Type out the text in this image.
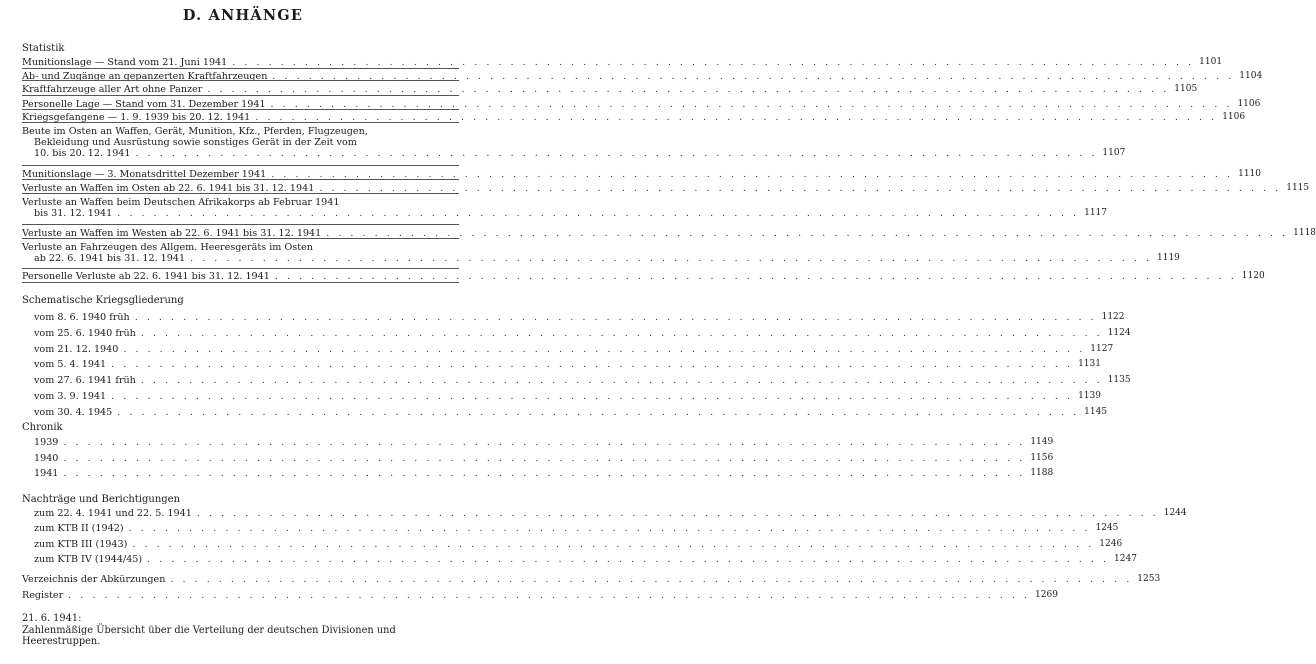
D. ANHÄNGE
Statistik
Munitionslage — Stand vom 21. Juni 1941 . . . . . . . . . . . . . . . . . . . . . . . . . . . . . . . . . . . . . . . . . . . . . . . . . . . . . . . . . . . . . . . . . . . . . . . . . . . . . . . . 1101
Ab- und Zugänge an gepanzerten Kraftfahrzeugen . . . . . . . . . . . . . . . . . . . . . . . . . . . . . . . . . . . . . . . . . . . . . . . . . . . . . . . . . . . . . . . . . . . . . . . . . . . . . . . . 1104
Kraftfahrzeuge aller Art ohne Panzer . . . . . . . . . . . . . . . . . . . . . . . . . . . . . . . . . . . . . . . . . . . . . . . . . . . . . . . . . . . . . . . . . . . . . . . . . . . . . . . . 1105
Personelle Lage — Stand vom 31. Dezember 1941 . . . . . . . . . . . . . . . . . . . . . . . . . . . . . . . . . . . . . . . . . . . . . . . . . . . . . . . . . . . . . . . . . . . . . . . . . . . . . . . . 1106
Kriegsgefangene — 1. 9. 1939 bis 20. 12. 1941 . . . . . . . . . . . . . . . . . . . . . . . . . . . . . . . . . . . . . . . . . . . . . . . . . . . . . . . . . . . . . . . . . . . . . . . . . . . . . . . . 1106
Beute im Osten an Waffen, Gerät, Munition, Kfz., Pferden, Flugzeugen,
Bekleidung und Ausrüstung sowie sonstiges Gerät in der Zeit vom
10. bis 20. 12. 1941 . . . . . . . . . . . . . . . . . . . . . . . . . . . . . . . . . . . . . . . . . . . . . . . . . . . . . . . . . . . . . . . . . . . . . . . . . . . . . . . . 1107
Munitionslage — 3. Monatsdrittel Dezember 1941 . . . . . . . . . . . . . . . . . . . . . . . . . . . . . . . . . . . . . . . . . . . . . . . . . . . . . . . . . . . . . . . . . . . . . . . . . . . . . . . . 1110
Verluste an Waffen im Osten ab 22. 6. 1941 bis 31. 12. 1941 . . . . . . . . . . . . . . . . . . . . . . . . . . . . . . . . . . . . . . . . . . . . . . . . . . . . . . . . . . . . . . . . . . . . . . . . . . . . . . . . 1115
Verluste an Waffen beim Deutschen Afrikakorps ab Februar 1941
bis 31. 12. 1941 . . . . . . . . . . . . . . . . . . . . . . . . . . . . . . . . . . . . . . . . . . . . . . . . . . . . . . . . . . . . . . . . . . . . . . . . . . . . . . . . 1117
Verluste an Waffen im Westen ab 22. 6. 1941 bis 31. 12. 1941 . . . . . . . . . . . . . . . . . . . . . . . . . . . . . . . . . . . . . . . . . . . . . . . . . . . . . . . . . . . . . . . . . . . . . . . . . . . . . . . . 1118
Verluste an Fahrzeugen des Allgem. Heeresgeräts im Osten
ab 22. 6. 1941 bis 31. 12. 1941 . . . . . . . . . . . . . . . . . . . . . . . . . . . . . . . . . . . . . . . . . . . . . . . . . . . . . . . . . . . . . . . . . . . . . . . . . . . . . . . . 1119
Personelle Verluste ab 22. 6. 1941 bis 31. 12. 1941 . . . . . . . . . . . . . . . . . . . . . . . . . . . . . . . . . . . . . . . . . . . . . . . . . . . . . . . . . . . . . . . . . . . . . . . . . . . . . . . . 1120
Schematische Kriegsgliederung
vom 8. 6. 1940 früh . . . . . . . . . . . . . . . . . . . . . . . . . . . . . . . . . . . . . . . . . . . . . . . . . . . . . . . . . . . . . . . . . . . . . . . . . . . . . . . . 1122
vom 25. 6. 1940 früh . . . . . . . . . . . . . . . . . . . . . . . . . . . . . . . . . . . . . . . . . . . . . . . . . . . . . . . . . . . . . . . . . . . . . . . . . . . . . . . . 1124
vom 21. 12. 1940 . . . . . . . . . . . . . . . . . . . . . . . . . . . . . . . . . . . . . . . . . . . . . . . . . . . . . . . . . . . . . . . . . . . . . . . . . . . . . . . . 1127
vom 5. 4. 1941 . . . . . . . . . . . . . . . . . . . . . . . . . . . . . . . . . . . . . . . . . . . . . . . . . . . . . . . . . . . . . . . . . . . . . . . . . . . . . . . . 1131
vom 27. 6. 1941 früh . . . . . . . . . . . . . . . . . . . . . . . . . . . . . . . . . . . . . . . . . . . . . . . . . . . . . . . . . . . . . . . . . . . . . . . . . . . . . . . . 1135
vom 3. 9. 1941 . . . . . . . . . . . . . . . . . . . . . . . . . . . . . . . . . . . . . . . . . . . . . . . . . . . . . . . . . . . . . . . . . . . . . . . . . . . . . . . . 1139
vom 30. 4. 1945 . . . . . . . . . . . . . . . . . . . . . . . . . . . . . . . . . . . . . . . . . . . . . . . . . . . . . . . . . . . . . . . . . . . . . . . . . . . . . . . . 1145
Chronik
1939 . . . . . . . . . . . . . . . . . . . . . . . . . . . . . . . . . . . . . . . . . . . . . . . . . . . . . . . . . . . . . . . . . . . . . . . . . . . . . . . . 1149
1940 . . . . . . . . . . . . . . . . . . . . . . . . . . . . . . . . . . . . . . . . . . . . . . . . . . . . . . . . . . . . . . . . . . . . . . . . . . . . . . . . 1156
1941 . . . . . . . . . . . . . . . . . . . . . . . . . . . . . . . . . . . . . . . . . . . . . . . . . . . . . . . . . . . . . . . . . . . . . . . . . . . . . . . . 1188
Nachträge und Berichtigungen
zum 22. 4. 1941 und 22. 5. 1941 . . . . . . . . . . . . . . . . . . . . . . . . . . . . . . . . . . . . . . . . . . . . . . . . . . . . . . . . . . . . . . . . . . . . . . . . . . . . . . . . 1244
zum KTB II (1942) . . . . . . . . . . . . . . . . . . . . . . . . . . . . . . . . . . . . . . . . . . . . . . . . . . . . . . . . . . . . . . . . . . . . . . . . . . . . . . . . 1245
zum KTB III (1943) . . . . . . . . . . . . . . . . . . . . . . . . . . . . . . . . . . . . . . . . . . . . . . . . . . . . . . . . . . . . . . . . . . . . . . . . . . . . . . . . 1246
zum KTB IV (1944/45) . . . . . . . . . . . . . . . . . . . . . . . . . . . . . . . . . . . . . . . . . . . . . . . . . . . . . . . . . . . . . . . . . . . . . . . . . . . . . . . . 1247
Verzeichnis der Abkürzungen . . . . . . . . . . . . . . . . . . . . . . . . . . . . . . . . . . . . . . . . . . . . . . . . . . . . . . . . . . . . . . . . . . . . . . . . . . . . . . . . 1253
Register . . . . . . . . . . . . . . . . . . . . . . . . . . . . . . . . . . . . . . . . . . . . . . . . . . . . . . . . . . . . . . . . . . . . . . . . . . . . . . . . 1269
21. 6. 1941:
Zahlenmäßige Übersicht über die Verteilung der deutschen Divisionen und
Heerestruppen.
